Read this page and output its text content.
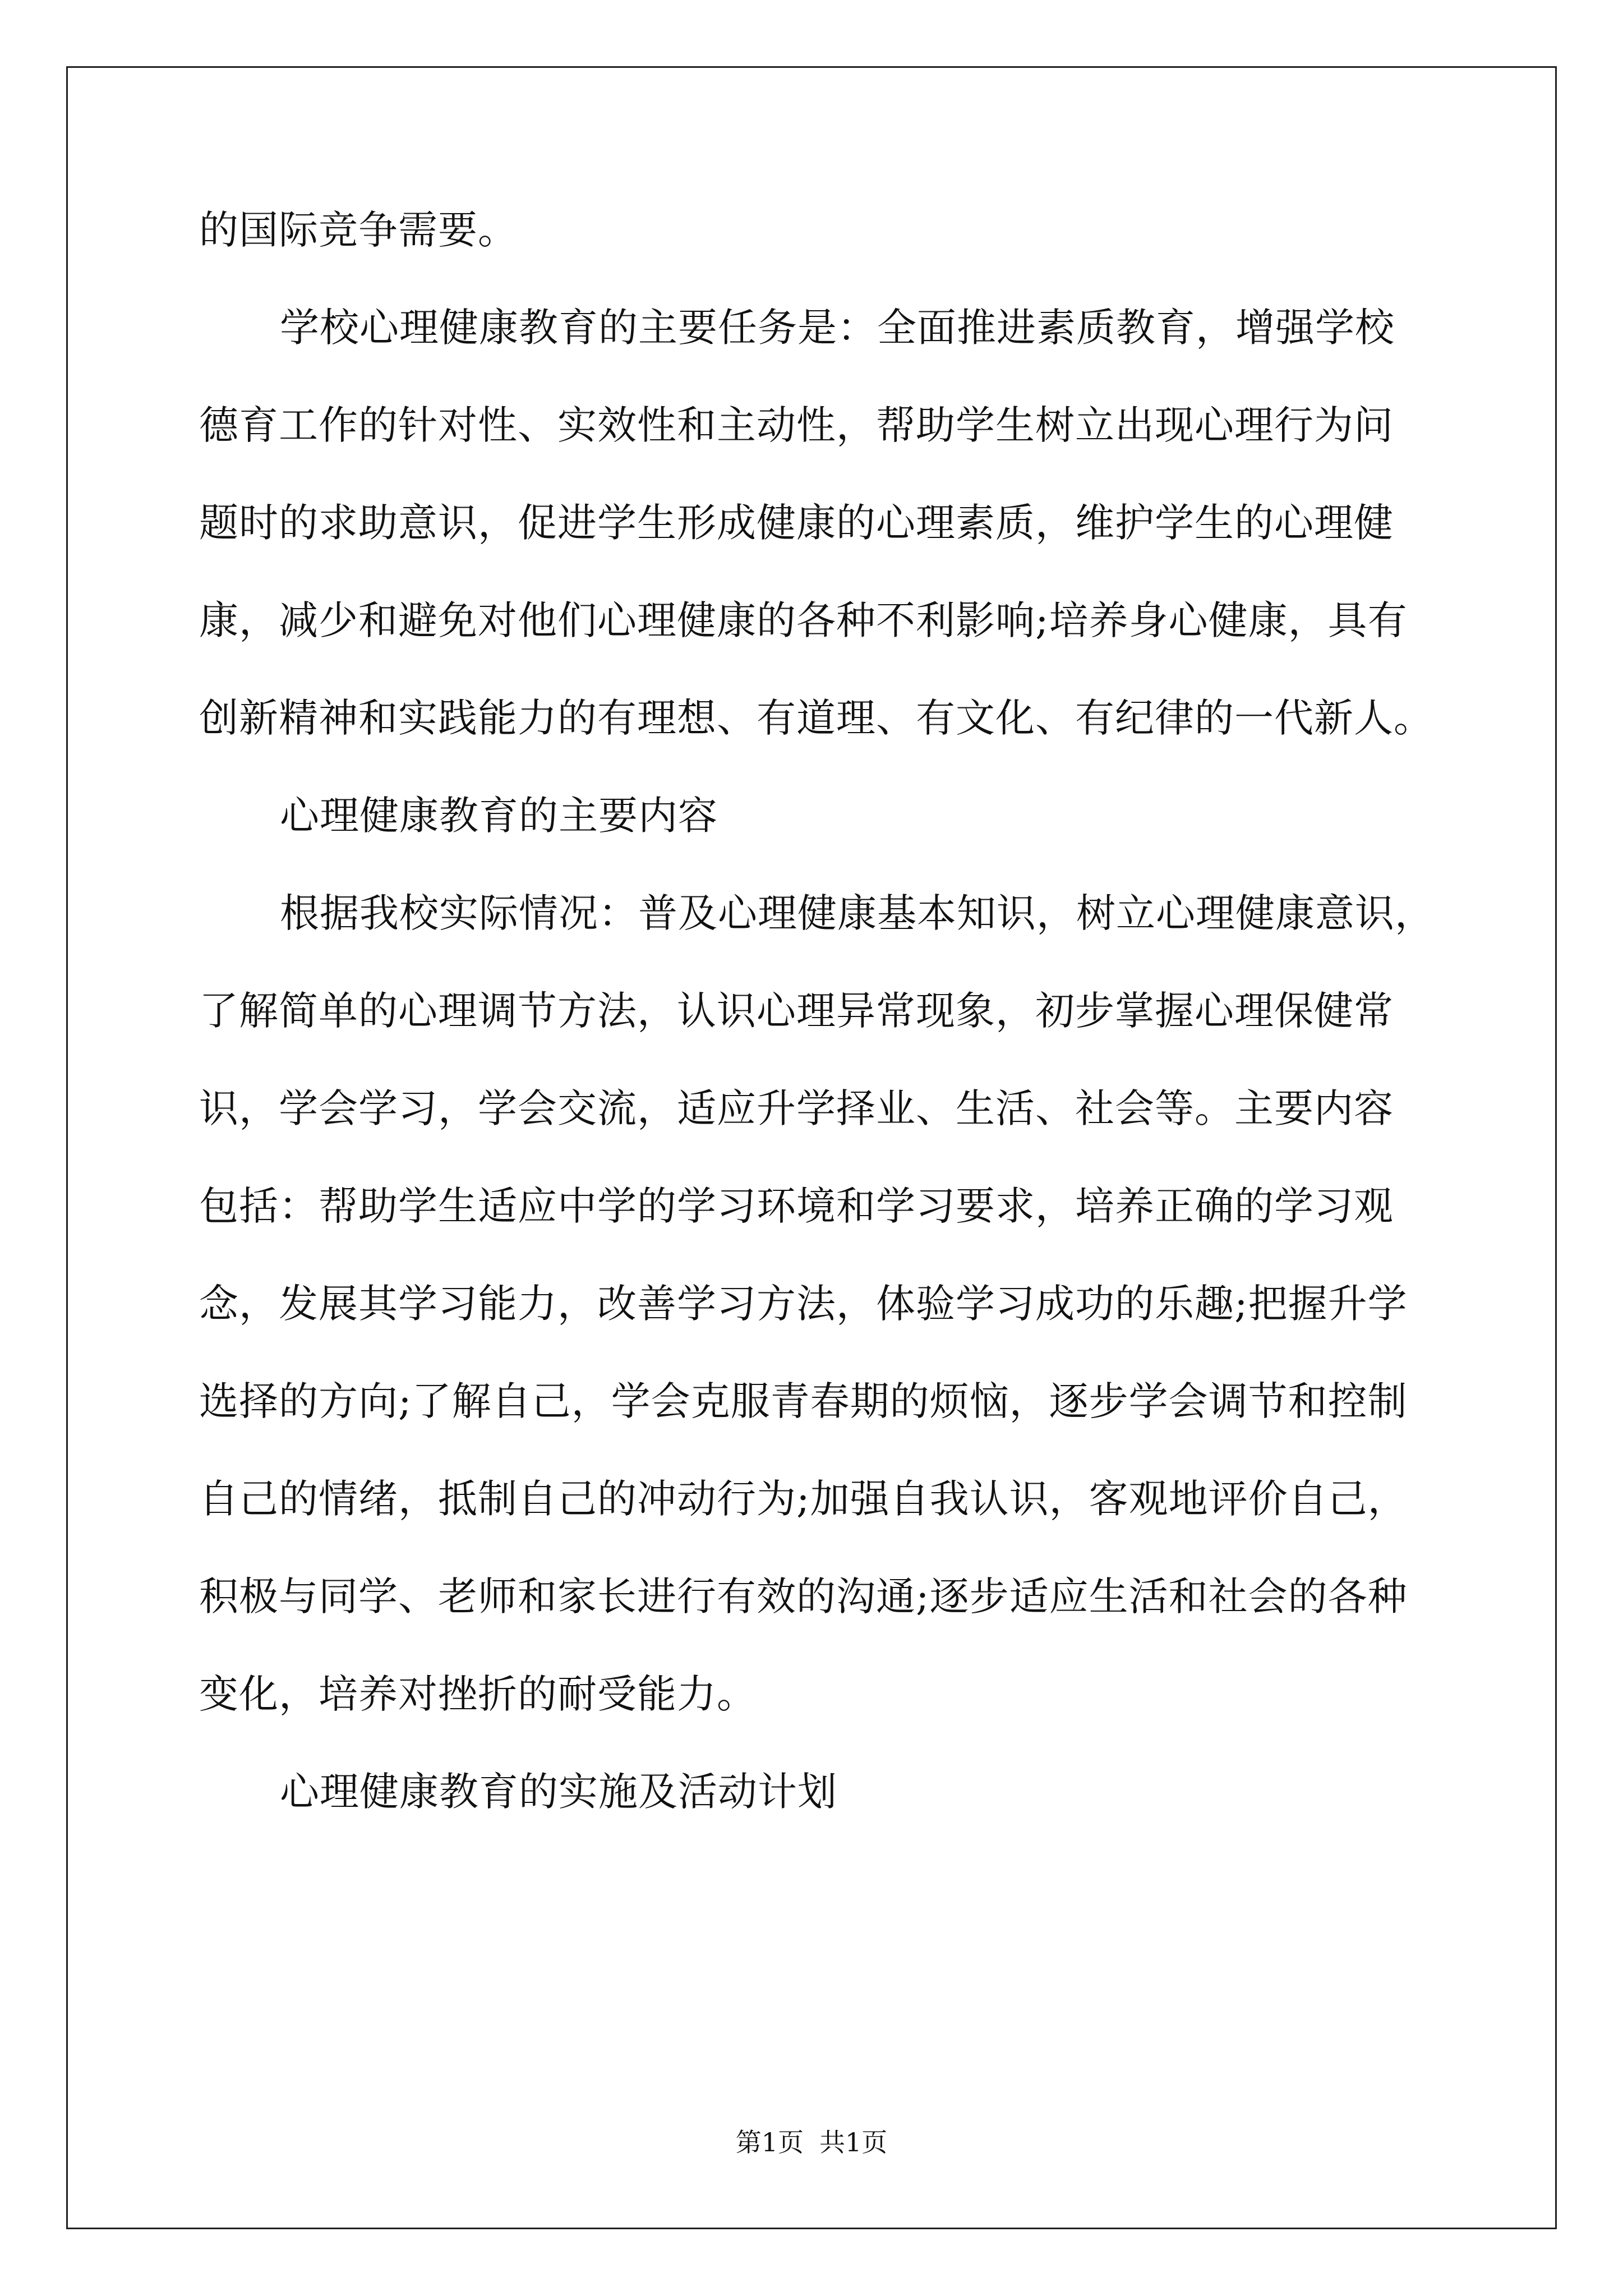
的国际竞争需要。
学校心理健康教育的主要任务是：全面推进素质教育，增强学校
德育工作的针对性、实效性和主动性，帮助学生树立出现心理行为问
题时的求助意识，促进学生形成健康的心理素质，维护学生的心理健
康，减少和避免对他们心理健康的各种不利影响;培养身心健康，具有
创新精神和实践能力的有理想、有道理、有文化、有纪律的一代新人。
心理健康教育的主要内容
根据我校实际情况：普及心理健康基本知识，树立心理健康意识，
了解简单的心理调节方法，认识心理异常现象，初步掌握心理保健常
识，学会学习，学会交流，适应升学择业、生活、社会等。主要内容
包括：帮助学生适应中学的学习环境和学习要求，培养正确的学习观
念，发展其学习能力，改善学习方法，体验学习成功的乐趣;把握升学
选择的方向;了解自己，学会克服青春期的烦恼，逐步学会调节和控制
自己的情绪，抵制自己的冲动行为;加强自我认识，客观地评价自己，
积极与同学、老师和家长进行有效的沟通;逐步适应生活和社会的各种
变化，培养对挫折的耐受能力。
心理健康教育的实施及活动计划
第1页 共1页
